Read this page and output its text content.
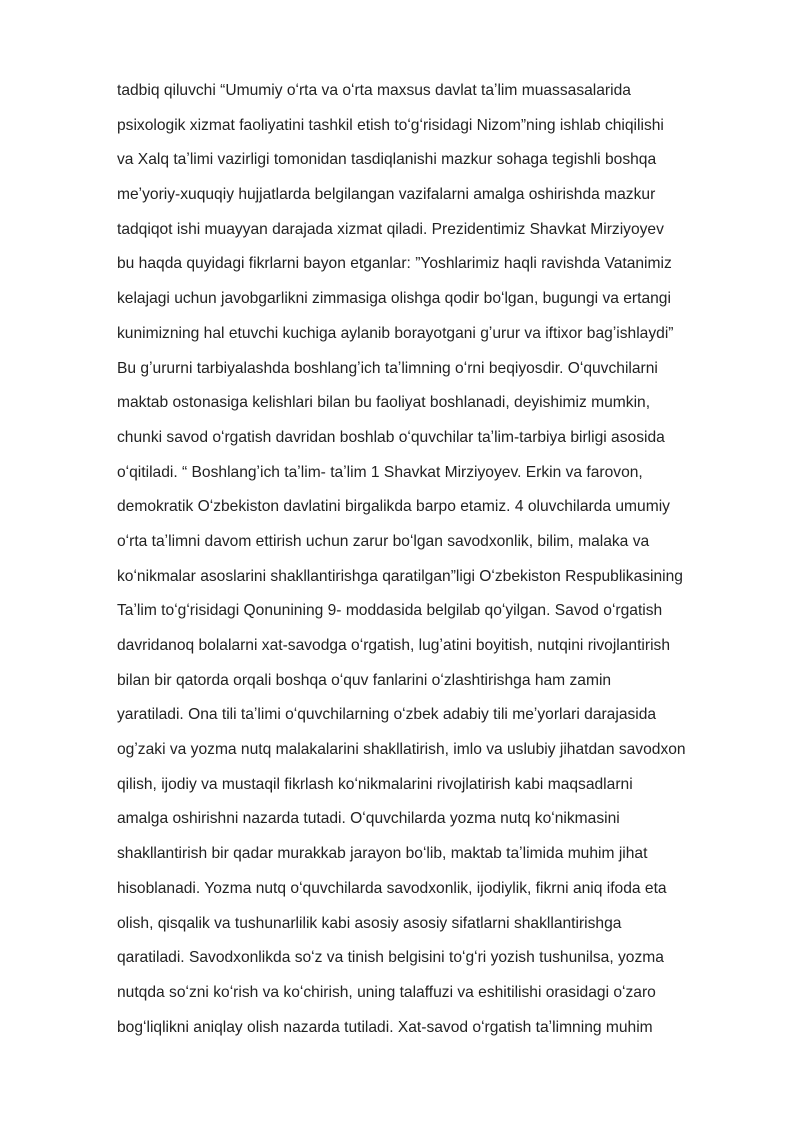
tadbiq qiluvchi “Umumiy oʻrta va oʻrta maxsus davlat taʼlim muassasalarida
psixologik xizmat faoliyatini tashkil etish toʻgʻrisidagi Nizom”ning ishlab chiqilishi
va Xalq taʼlimi vazirligi tomonidan tasdiqlanishi mazkur sohaga tegishli boshqa
meʼyoriy-xuquqiy hujjatlarda belgilangan vazifalarni amalga oshirishda mazkur
tadqiqot ishi muayyan darajada xizmat qiladi. Prezidentimiz Shavkat Mirziyoyev
bu haqda quyidagi fikrlarni bayon etganlar: ”Yoshlarimiz haqli ravishda Vatanimiz
kelajagi uchun javobgarlikni zimmasiga olishga qodir boʻlgan, bugungi va ertangi
kunimizning hal etuvchi kuchiga aylanib borayotgani gʼurur va iftixor bagʼishlaydi”
Bu gʼururni tarbiyalashda boshlangʼich taʼlimning oʻrni beqiyosdir. Oʻquvchilarni
maktab ostonasiga kelishlari bilan bu faoliyat boshlanadi, deyishimiz mumkin,
chunki savod oʻrgatish davridan boshlab oʻquvchilar taʼlim-tarbiya birligi asosida
oʻqitiladi. “ Boshlangʼich taʼlim- taʼlim 1 Shavkat Mirziyoyev. Erkin va farovon,
demokratik Oʻzbekiston davlatini birgalikda barpo etamiz. 4 oluvchilarda umumiy
oʻrta taʼlimni davom ettirish uchun zarur boʻlgan savodxonlik, bilim, malaka va
koʻnikmalar asoslarini shakllantirishga qaratilgan”ligi Oʻzbekiston Respublikasining
Taʼlim toʻgʻrisidagi Qonunining 9- moddasida belgilab qoʻyilgan. Savod oʻrgatish
davridanoq bolalarni xat-savodga oʻrgatish, lugʼatini boyitish, nutqini rivojlantirish
bilan bir qatorda orqali boshqa oʻquv fanlarini oʻzlashtirishga ham zamin
yaratiladi. Ona tili taʼlimi oʻquvchilarning oʻzbek adabiy tili meʼyorlari darajasida
ogʼzaki va yozma nutq malakalarini shakllatirish, imlo va uslubiy jihatdan savodxon
qilish, ijodiy va mustaqil fikrlash koʻnikmalarini rivojlatirish kabi maqsadlarni
amalga oshirishni nazarda tutadi. Oʻquvchilarda yozma nutq koʻnikmasini
shakllantirish bir qadar murakkab jarayon boʻlib, maktab taʼlimida muhim jihat
hisoblanadi. Yozma nutq oʻquvchilarda savodxonlik, ijodiylik, fikrni aniq ifoda eta
olish, qisqalik va tushunarlilik kabi asosiy asosiy sifatlarni shakllantirishga
qaratiladi. Savodxonlikda soʻz va tinish belgisini toʻgʻri yozish tushunilsa, yozma
nutqda soʻzni koʻrish va koʻchirish, uning talaffuzi va eshitilishi orasidagi oʻzaro
bogʻliqlikni aniqlay olish nazarda tutiladi. Xat-savod oʻrgatish taʼlimning muhim
